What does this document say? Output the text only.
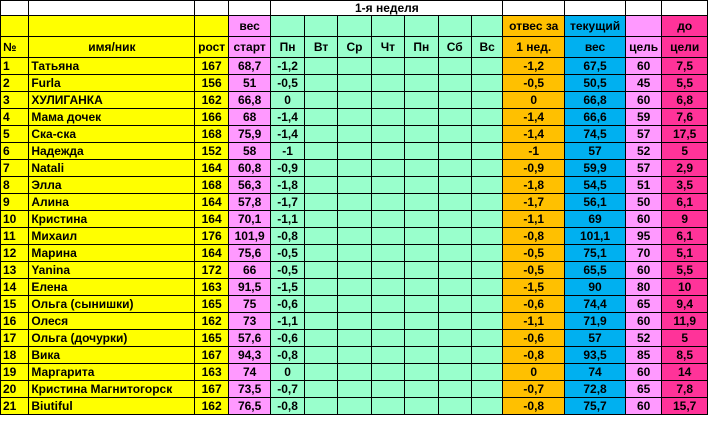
				1-я неделя										
			вес								отвес за	текущий		до
№	имя/ник	рост	старт	Пн	Вт	Ср	Чт	Пн	Сб	Вс	1 нед.	вес	цель	цели
1	Татьяна	167	68,7	-1,2							-1,2	67,5	60	7,5
2	Furla	156	51	-0,5							-0,5	50,5	45	5,5
3	ХУЛИГАНКА	162	66,8	0							0	66,8	60	6,8
4	Мама дочек	166	68	-1,4							-1,4	66,6	59	7,6
5	Ска-ска	168	75,9	-1,4							-1,4	74,5	57	17,5
6	Надежда	152	58	-1							-1	57	52	5
7	Natali	164	60,8	-0,9							-0,9	59,9	57	2,9
8	Элла	168	56,3	-1,8							-1,8	54,5	51	3,5
9	Алина	164	57,8	-1,7							-1,7	56,1	50	6,1
10	Кристина	164	70,1	-1,1							-1,1	69	60	9
11	Михаил	176	101,9	-0,8							-0,8	101,1	95	6,1
12	Марина	164	75,6	-0,5							-0,5	75,1	70	5,1
13	Yanina	172	66	-0,5							-0,5	65,5	60	5,5
14	Елена	163	91,5	-1,5							-1,5	90	80	10
15	Ольга (сынишки)	165	75	-0,6							-0,6	74,4	65	9,4
16	Олеся	162	73	-1,1							-1,1	71,9	60	11,9
17	Ольга (дочурки)	165	57,6	-0,6							-0,6	57	52	5
18	Вика	167	94,3	-0,8							-0,8	93,5	85	8,5
19	Маргарита	163	74	0							0	74	60	14
20	Кристина Магнитогорск	167	73,5	-0,7							-0,7	72,8	65	7,8
21	Biutiful	162	76,5	-0,8							-0,8	75,7	60	15,7
